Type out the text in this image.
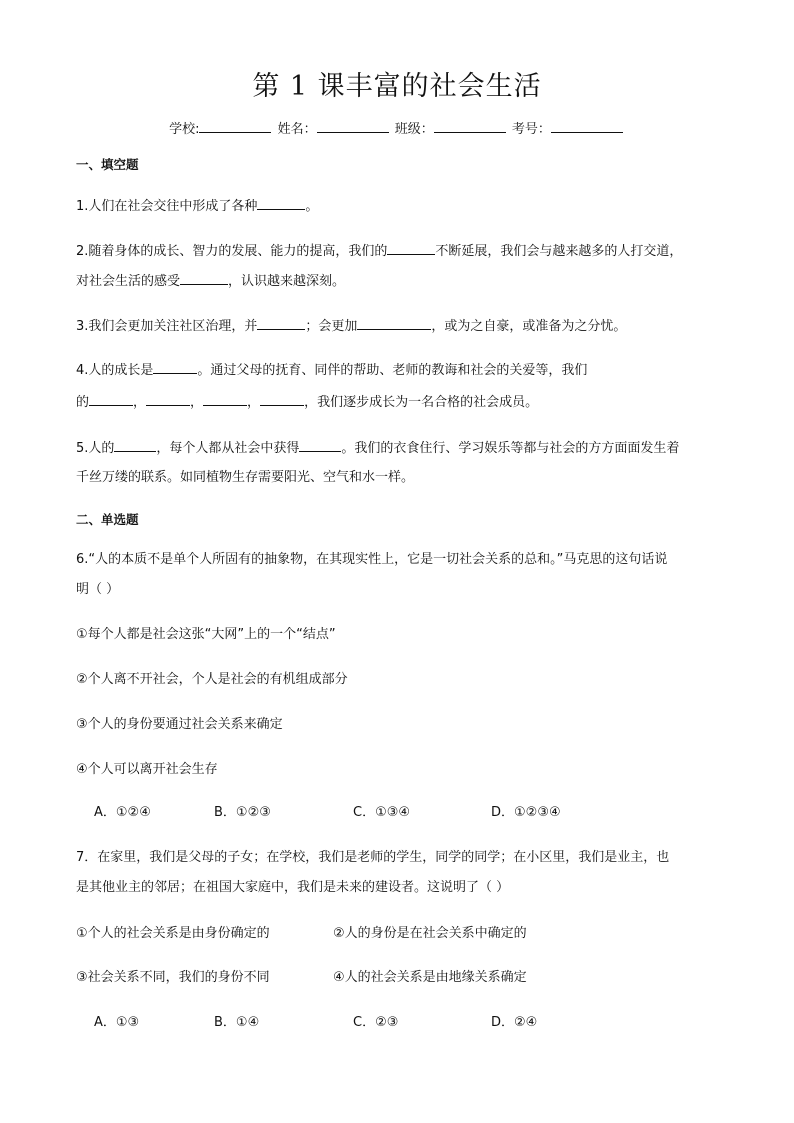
第 1 课丰富的社会生活
学校:	姓名：	班级：	考号：
一、填空题
1.人们在社会交往中形成了各种	。
2.随着身体的成长、智力的发展、能力的提高，我们的	不断延展，我们会与越来越多的人打交道，
对社会生活的感受	，认识越来越深刻。
3.我们会更加关注社区治理，并	；会更加	，或为之自豪，或准备为之分忧。
4.人的成长是	。通过父母的抚育、同伴的帮助、老师的教诲和社会的关爱等，我们
的	，	，	，	，我们逐步成长为一名合格的社会成员。
5.人的	，每个人都从社会中获得	。我们的衣食住行、学习娱乐等都与社会的方方面面发生着
千丝万缕的联系。如同植物生存需要阳光、空气和水一样。
二、单选题
6.“人的本质不是单个人所固有的抽象物，在其现实性上，它是一切社会关系的总和。”马克思的这句话说
明（ ）
①每个人都是社会这张“大网”上的一个“结点”
②个人离不开社会，个人是社会的有机组成部分
③个人的身份要通过社会关系来确定
④个人可以离开社会生存
A．①②④	B．①②③	C．①③④	D．①②③④
7．在家里，我们是父母的子女；在学校，我们是老师的学生，同学的同学；在小区里，我们是业主，也
是其他业主的邻居；在祖国大家庭中，我们是未来的建设者。这说明了（ ）
①个人的社会关系是由身份确定的	②人的身份是在社会关系中确定的
③社会关系不同，我们的身份不同	④人的社会关系是由地缘关系确定
A．①③	B．①④	C．②③	D．②④
